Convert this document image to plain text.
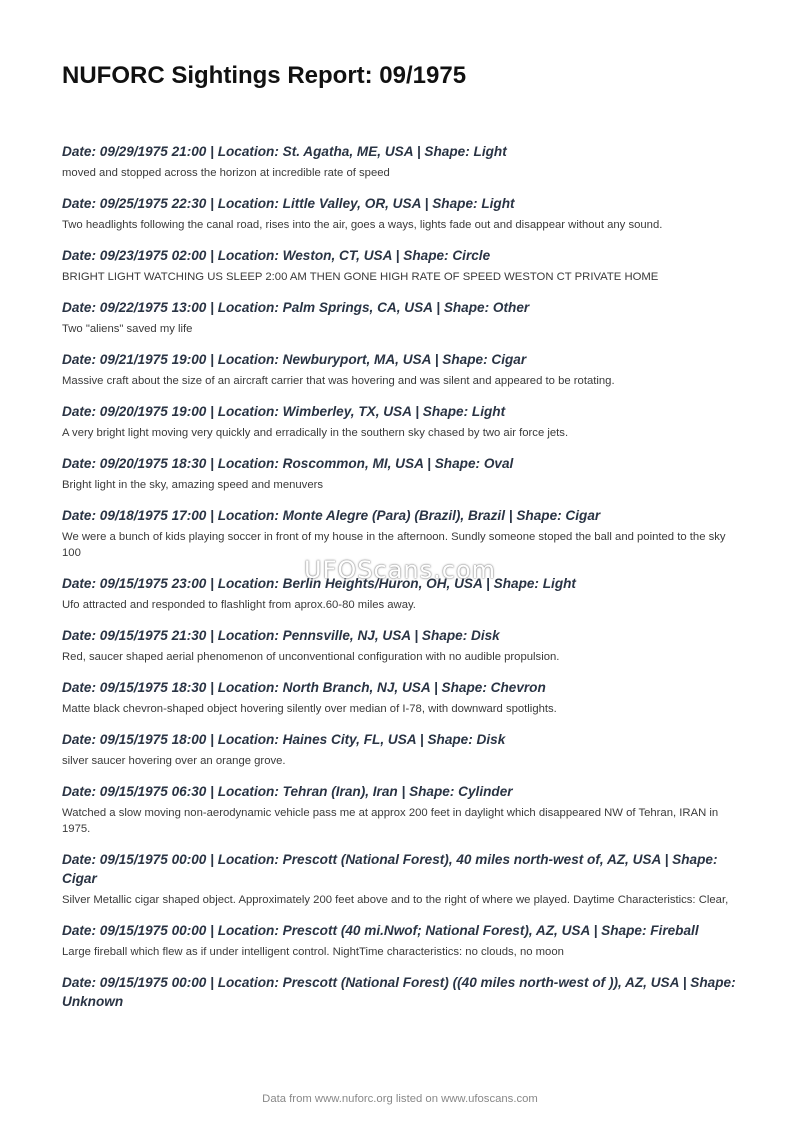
NUFORC Sightings Report: 09/1975

Date: 09/29/1975 21:00 | Location: St. Agatha, ME, USA | Shape: Light

moved and stopped across the horizon at incredible rate of speed

Date: 09/25/1975 22:30 | Location: Little Valley, OR, USA | Shape: Light

Two headlights following the canal road, rises into the air, goes a ways, lights fade out and disappear without any sound.

Date: 09/23/1975 02:00 | Location: Weston, CT, USA | Shape: Circle

BRIGHT LIGHT WATCHING US SLEEP 2:00 AM THEN GONE HIGH RATE OF SPEED WESTON CT PRIVATE HOME

Date: 09/22/1975 13:00 | Location: Palm Springs, CA, USA | Shape: Other

Two "aliens" saved my life

Date: 09/21/1975 19:00 | Location: Newburyport, MA, USA | Shape: Cigar

Massive craft about the size of an aircraft carrier that was hovering and was silent and appeared to be rotating.

Date: 09/20/1975 19:00 | Location: Wimberley, TX, USA | Shape: Light

A very bright light moving very quickly and erradically in the southern sky chased by two air force jets.

Date: 09/20/1975 18:30 | Location: Roscommon, MI, USA | Shape: Oval

Bright light in the sky, amazing speed and menuvers

Date: 09/18/1975 17:00 | Location: Monte Alegre (Para) (Brazil), Brazil | Shape: Cigar

We were a bunch of kids playing soccer in front of my house in the afternoon. Sundly someone stoped the ball and pointed to the sky 100

Date: 09/15/1975 23:00 | Location: Berlin Heights/Huron, OH, USA | Shape: Light

Ufo attracted and responded to flashlight from aprox.60-80 miles away.

Date: 09/15/1975 21:30 | Location: Pennsville, NJ, USA | Shape: Disk

Red, saucer shaped aerial phenomenon of unconventional configuration with no audible propulsion.

Date: 09/15/1975 18:30 | Location: North Branch, NJ, USA | Shape: Chevron

Matte black chevron-shaped object hovering silently over median of I-78, with downward spotlights.

Date: 09/15/1975 18:00 | Location: Haines City, FL, USA | Shape: Disk

silver saucer hovering over an orange grove.

Date: 09/15/1975 06:30 | Location: Tehran (Iran), Iran | Shape: Cylinder

Watched a slow moving non-aerodynamic vehicle pass me at approx 200 feet in daylight which disappeared NW of Tehran, IRAN in 1975.

Date: 09/15/1975 00:00 | Location: Prescott (National Forest), 40 miles north-west of, AZ, USA | Shape: Cigar

Silver Metallic cigar shaped object. Approximately 200 feet above and to the right of where we played. Daytime Characteristics: Clear,

Date: 09/15/1975 00:00 | Location: Prescott (40 mi.Nwof; National Forest), AZ, USA | Shape: Fireball

Large fireball which flew as if under intelligent control. NightTime characteristics: no clouds, no moon

Date: 09/15/1975 00:00 | Location: Prescott (National Forest) ((40 miles north-west of )), AZ, USA | Shape: Unknown

UFOScans.com
Data from www.nuforc.org listed on www.ufoscans.com
